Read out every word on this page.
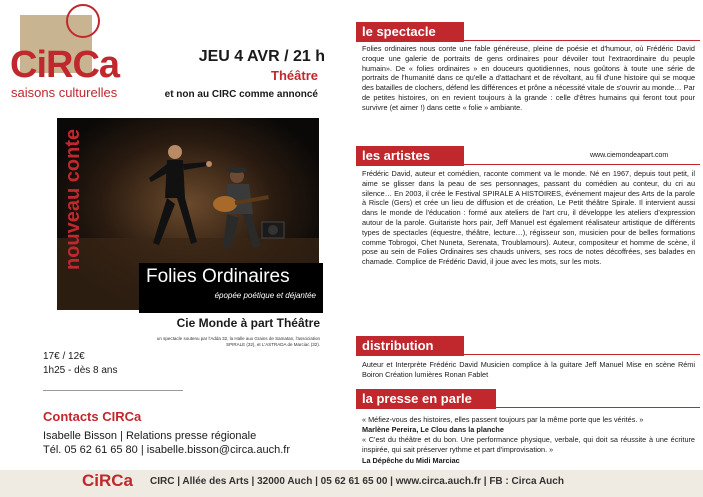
CiRCa
saisons culturelles
JEU 4 AVR / 21 h
Théâtre
et non au CIRC comme annoncé
nouveau conte
Folies Ordinaires
épopée poétique et déjantée
Cie Monde à part Théâtre
un spectacle soutenu par l'Adda 32, la Halle aux Grains de Samatan, l'association SPIRALE (32), et L'ASTRADA de Marciac (32).
17€ / 12€
1h25 - dès 8 ans
Contacts CIRCa
Isabelle Bisson | Relations presse régionale
Tél. 05 62 61 65 80 | isabelle.bisson@circa.auch.fr
le spectacle
Folies ordinaires nous conte une fable généreuse, pleine de poésie et d'humour, où Frédéric David croque une galerie de portraits de gens ordinaires pour dévoiler tout l'extraordinaire du peuple humain». De « folies ordinaires » en douceurs quotidiennes, nous goûtons à toute une série de portraits de l'humanité dans ce qu'elle a d'attachant et de révoltant, au fil d'une histoire qui se moque des batailles de clochers, défend les différences et prône a nécessité vitale de s'ouvrir au monde… Par de petites histoires, on en revient toujours à la grande : celle d'êtres humains qui feront tout pour survivre (et aimer !) dans cette « folie » ambiante.
les artistes	www.ciemondeapart.com
Frédéric David, auteur et comédien, raconte comment va le monde. Né en 1967, depuis tout petit, il aime se glisser dans la peau de ses personnages, passant du comédien au conteur, du cri au silence… En 2003, il crée le Festival SPIRALE A HISTOIRES, événement majeur des Arts de la parole à Riscle (Gers) et crée un lieu de diffusion et de création, Le Petit théâtre Spirale. Il intervient aussi dans le monde de l'éducation : formé aux ateliers de l'art cru, il développe les ateliers d'expression autour de la parole. Guitariste hors pair, Jeff Manuel est également réalisateur artistique de différents types de spectacles (équestre, théâtre, lecture…), régisseur son, musicien pour de belles formations comme Tobrogoi, Chet Nuneta, Serenata, Troublamours). Auteur, compositeur et homme de scène, il pose au sein de Folies Ordinaires ses chauds univers, ses rocs de notes décoffrées, ses balades en chamade. Complice de Frédéric David, il joue avec les mots, sur les mots.
distribution
Auteur et Interprète Frédéric David Musicien complice à la guitare Jeff Manuel Mise en scène Rémi Boiron Création lumières Ronan Fablet
la presse en parle
« Méfiez-vous des histoires, elles passent toujours par la même porte que les vérités. »
Marlène Pereira, Le Clou dans la planche
« C'est du théâtre et du bon. Une performance physique, verbale, qui doit sa réussite à une écriture inspirée, qui sait préserver rythme et part d'improvisation. »
La Dépêche du Midi Marciac
CiRCa CIRC | Allée des Arts | 32000 Auch | 05 62 61 65 00 | www.circa.auch.fr | FB : Circa Auch
